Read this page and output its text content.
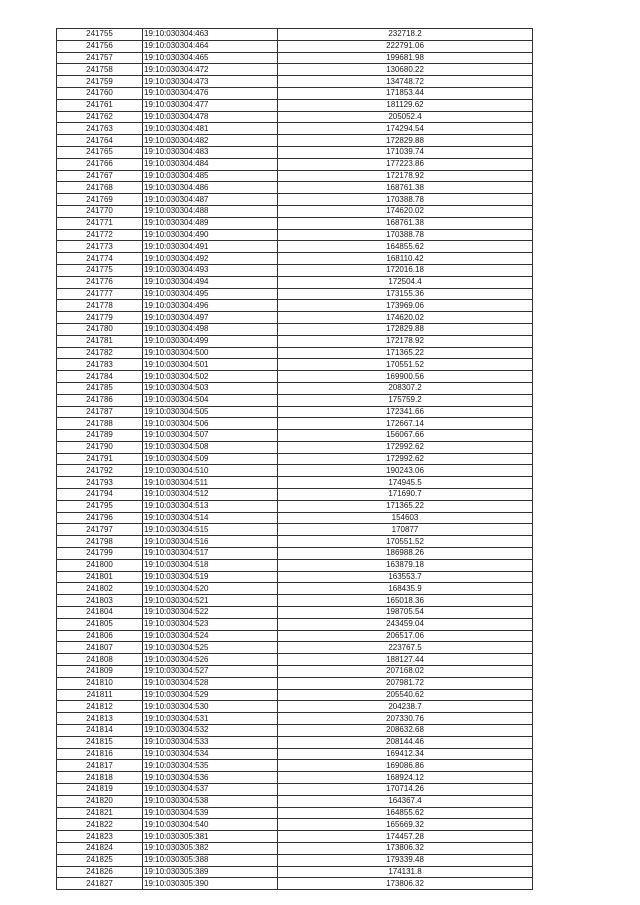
241755	19:10:030304:463	232718.2
241756	19:10:030304:464	222791.06
241757	19:10:030304:465	199681.98
241758	19:10:030304:472	130680.22
241759	19:10:030304:473	134748.72
241760	19:10:030304:476	171853.44
241761	19:10:030304:477	181129.62
241762	19:10:030304:478	205052.4
241763	19:10:030304:481	174294.54
241764	19:10:030304:482	172829.88
241765	19:10:030304:483	171039.74
241766	19:10:030304:484	177223.86
241767	19:10:030304:485	172178.92
241768	19:10:030304:486	168761.38
241769	19:10:030304:487	170388.78
241770	19:10:030304:488	174620.02
241771	19:10:030304:489	168761.38
241772	19:10:030304:490	170388.78
241773	19:10:030304:491	164855.62
241774	19:10:030304:492	168110.42
241775	19:10:030304:493	172016.18
241776	19:10:030304:494	172504.4
241777	19:10:030304:495	173155.36
241778	19:10:030304:496	173969.06
241779	19:10:030304:497	174620.02
241780	19:10:030304:498	172829.88
241781	19:10:030304:499	172178.92
241782	19:10:030304:500	171365.22
241783	19:10:030304:501	170551.52
241784	19:10:030304:502	169900.56
241785	19:10:030304:503	208307.2
241786	19:10:030304:504	175759.2
241787	19:10:030304:505	172341.66
241788	19:10:030304:506	172667.14
241789	19:10:030304:507	156067.66
241790	19:10:030304:508	172992.62
241791	19:10:030304:509	172992.62
241792	19:10:030304:510	190243.06
241793	19:10:030304:511	174945.5
241794	19:10:030304:512	171690.7
241795	19:10:030304:513	171365.22
241796	19:10:030304:514	154603
241797	19:10:030304:515	170877
241798	19:10:030304:516	170551.52
241799	19:10:030304:517	186988.26
241800	19:10:030304:518	163879.18
241801	19:10:030304:519	163553.7
241802	19:10:030304:520	168435.9
241803	19:10:030304:521	165018.36
241804	19:10:030304:522	198705.54
241805	19:10:030304:523	243459.04
241806	19:10:030304:524	206517.06
241807	19:10:030304:525	223767.5
241808	19:10:030304:526	188127.44
241809	19:10:030304:527	207168.02
241810	19:10:030304:528	207981.72
241811	19:10:030304:529	205540.62
241812	19:10:030304:530	204238.7
241813	19:10:030304:531	207330.76
241814	19:10:030304:532	208632.68
241815	19:10:030304:533	208144.46
241816	19:10:030304:534	169412.34
241817	19:10:030304:535	169086.86
241818	19:10:030304:536	168924.12
241819	19:10:030304:537	170714.26
241820	19:10:030304:538	164367.4
241821	19:10:030304:539	164855.62
241822	19:10:030304:540	165669.32
241823	19:10:030305:381	174457.28
241824	19:10:030305:382	173806.32
241825	19:10:030305:388	179339.48
241826	19:10:030305:389	174131.8
241827	19:10:030305:390	173806.32
